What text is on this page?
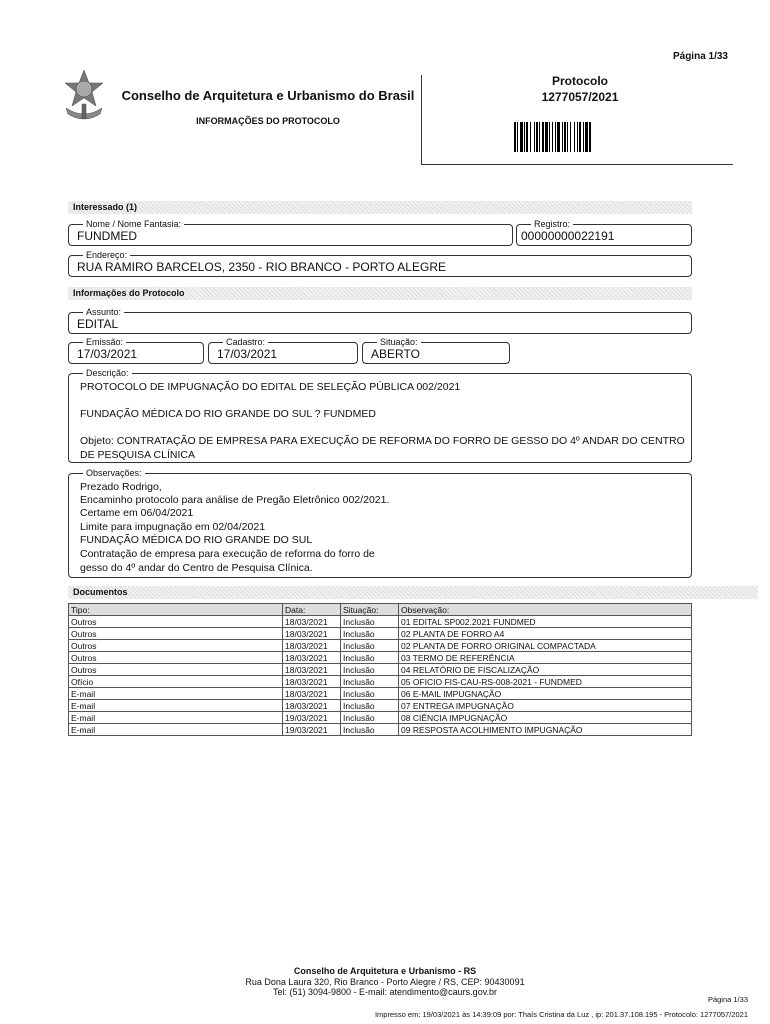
Página 1/33
Conselho de Arquitetura e Urbanismo do Brasil
INFORMAÇÕES DO PROTOCOLO
Protocolo
1277057/2021
Interessado (1)
Nome / Nome Fantasia:
FUNDMED
Registro:
00000000022191
Endereço:
RUA RAMIRO BARCELOS, 2350 - RIO BRANCO - PORTO ALEGRE
Informações do Protocolo
Assunto:
EDITAL
Emissão:
17/03/2021
Cadastro:
17/03/2021
Situação:
ABERTO
Descrição:
PROTOCOLO DE IMPUGNAÇÃO DO EDITAL DE SELEÇÃO PÚBLICA 002/2021
FUNDAÇÃO MÉDICA DO RIO GRANDE DO SUL ? FUNDMED
Objeto: CONTRATAÇÃO DE EMPRESA PARA EXECUÇÃO DE REFORMA DO FORRO DE GESSO DO 4º ANDAR DO CENTRO
DE PESQUISA CLÍNICA
Observações:
Prezado Rodrigo,
Encaminho protocolo para análise de Pregão Eletrônico 002/2021.
Certame em 06/04/2021
Limite para impugnação em 02/04/2021
FUNDAÇÃO MÉDICA DO RIO GRANDE DO SUL
Contratação de empresa para execução de reforma do forro de
gesso do 4º andar do Centro de Pesquisa Clínica.
Documentos
Tipo:	Data:	Situação:	Observação:
Outros	18/03/2021	Inclusão	01 EDITAL SP002.2021 FUNDMED
Outros	18/03/2021	Inclusão	02 PLANTA DE FORRO A4
Outros	18/03/2021	Inclusão	02 PLANTA DE FORRO ORIGINAL COMPACTADA
Outros	18/03/2021	Inclusão	03 TERMO DE REFERÊNCIA
Outros	18/03/2021	Inclusão	04 RELATÓRIO DE FISCALIZAÇÃO
Ofício	18/03/2021	Inclusão	05 OFICIO FIS-CAU-RS-008-2021 - FUNDMED
E-mail	18/03/2021	Inclusão	06 E-MAIL IMPUGNAÇÃO
E-mail	18/03/2021	Inclusão	07 ENTREGA IMPUGNAÇÃO
E-mail	19/03/2021	Inclusão	08 CIÊNCIA IMPUGNAÇÃO
E-mail	19/03/2021	Inclusão	09 RESPOSTA ACOLHIMENTO IMPUGNAÇÃO
Conselho de Arquitetura e Urbanismo - RS
Rua Dona Laura 320, Rio Branco - Porto Alegre / RS, CEP: 90430091
Tel: (51) 3094-9800 - E-mail: atendimento@caurs.gov.br
Página 1/33
Impresso em: 19/03/2021 às 14:39:09 por: Thaís Cristina da Luz , ip: 201.37.108.195 - Protocolo: 1277057/2021
